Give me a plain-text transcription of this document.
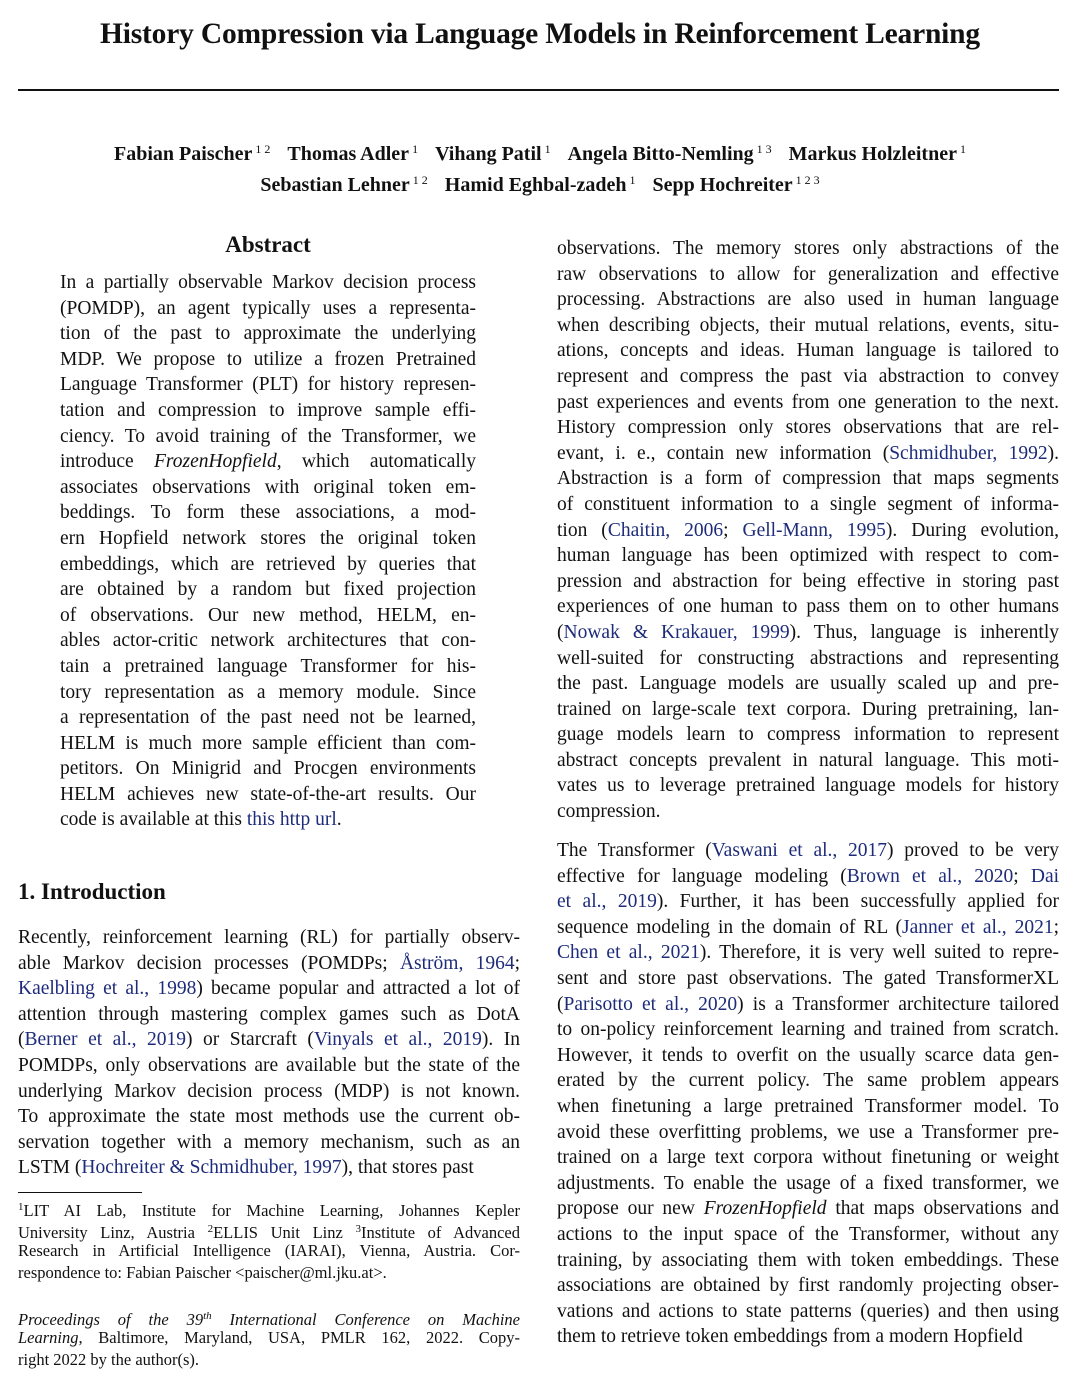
History Compression via Language Models in Reinforcement Learning
Fabian Paischer $^{1 2}$ Thomas Adler $^1$ Vihang Patil $^1$ Angela Bitto-Nemling $^{1 3}$ Markus Holzleitner $^1$
Sebastian Lehner $^{1 2}$ Hamid Eghbal-zadeh $^1$ Sepp Hochreiter $^{1 2 3}$
Abstract
In a partially observable Markov decision process
(POMDP), an agent typically uses a representa-
tion of the past to approximate the underlying
MDP. We propose to utilize a frozen Pretrained
Language Transformer (PLT) for history represen-
tation and compression to improve sample effi-
ciency. To avoid training of the Transformer, we
introduce FrozenHopfield, which automatically
associates observations with original token em-
beddings. To form these associations, a mod-
ern Hopfield network stores the original token
embeddings, which are retrieved by queries that
are obtained by a random but fixed projection
of observations. Our new method, HELM, en-
ables actor-critic network architectures that con-
tain a pretrained language Transformer for his-
tory representation as a memory module. Since
a representation of the past need not be learned,
HELM is much more sample efficient than com-
petitors. On Minigrid and Procgen environments
HELM achieves new state-of-the-art results. Our
code is available at this this http url.
1. Introduction
Recently, reinforcement learning (RL) for partially observ-
able Markov decision processes (POMDPs; Åström, 1964;
Kaelbling et al., 1998) became popular and attracted a lot of
attention through mastering complex games such as DotA
(Berner et al., 2019) or Starcraft (Vinyals et al., 2019). In
POMDPs, only observations are available but the state of the
underlying Markov decision process (MDP) is not known.
To approximate the state most methods use the current ob-
servation together with a memory mechanism, such as an
LSTM (Hochreiter & Schmidhuber, 1997), that stores past
$^1$LIT AI Lab, Institute for Machine Learning, Johannes Kepler
University Linz, Austria $^2$ELLIS Unit Linz $^3$Institute of Advanced
Research in Artificial Intelligence (IARAI), Vienna, Austria. Cor-
respondence to: Fabian Paischer <paischer@ml.jku.at>.
Proceedings of the 39th International Conference on Machine
Learning, Baltimore, Maryland, USA, PMLR 162, 2022. Copy-
right 2022 by the author(s).
observations. The memory stores only abstractions of the
raw observations to allow for generalization and effective
processing. Abstractions are also used in human language
when describing objects, their mutual relations, events, situ-
ations, concepts and ideas. Human language is tailored to
represent and compress the past via abstraction to convey
past experiences and events from one generation to the next.
History compression only stores observations that are rel-
evant, i. e., contain new information (Schmidhuber, 1992).
Abstraction is a form of compression that maps segments
of constituent information to a single segment of informa-
tion (Chaitin, 2006; Gell-Mann, 1995). During evolution,
human language has been optimized with respect to com-
pression and abstraction for being effective in storing past
experiences of one human to pass them on to other humans
(Nowak & Krakauer, 1999). Thus, language is inherently
well-suited for constructing abstractions and representing
the past. Language models are usually scaled up and pre-
trained on large-scale text corpora. During pretraining, lan-
guage models learn to compress information to represent
abstract concepts prevalent in natural language. This moti-
vates us to leverage pretrained language models for history
compression.
The Transformer (Vaswani et al., 2017) proved to be very
effective for language modeling (Brown et al., 2020; Dai
et al., 2019). Further, it has been successfully applied for
sequence modeling in the domain of RL (Janner et al., 2021;
Chen et al., 2021). Therefore, it is very well suited to repre-
sent and store past observations. The gated TransformerXL
(Parisotto et al., 2020) is a Transformer architecture tailored
to on-policy reinforcement learning and trained from scratch.
However, it tends to overfit on the usually scarce data gen-
erated by the current policy. The same problem appears
when finetuning a large pretrained Transformer model. To
avoid these overfitting problems, we use a Transformer pre-
trained on a large text corpora without finetuning or weight
adjustments. To enable the usage of a fixed transformer, we
propose our new FrozenHopfield that maps observations and
actions to the input space of the Transformer, without any
training, by associating them with token embeddings. These
associations are obtained by first randomly projecting obser-
vations and actions to state patterns (queries) and then using
them to retrieve token embeddings from a modern Hopfield
